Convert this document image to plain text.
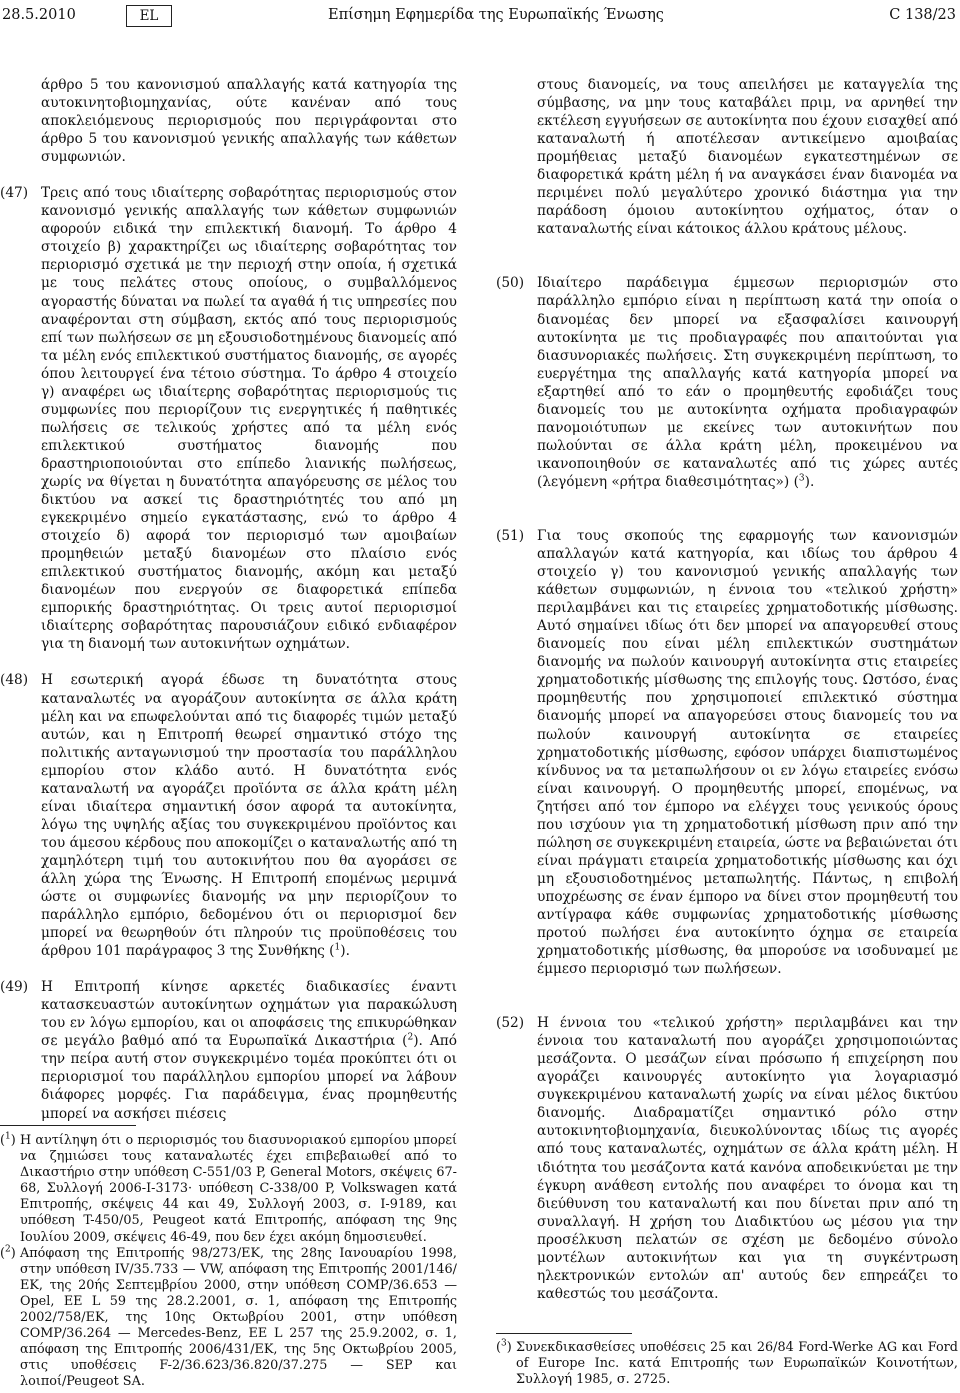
28.5.2010	EL	Επίσημη Εφημερίδα της Ευρωπαϊκής Ένωσης	C 138/23

άρθρο 5 του κανονισμού απαλλαγής κατά κατηγορία της αυτοκινητοβιομηχανίας, ούτε κανέναν από τους αποκλειόμενους περιορισμούς που περιγράφονται στο άρθρο 5 του κανονισμού γενικής απαλλαγής των κάθετων συμφωνιών.

(47) Τρεις από τους ιδιαίτερης σοβαρότητας περιορισμούς στον κανονισμό γενικής απαλλαγής των κάθετων συμφωνιών αφορούν ειδικά την επιλεκτική διανομή. Το άρθρο 4 στοιχείο β) χαρακτηρίζει ως ιδιαίτερης σοβαρότητας τον περιορισμό σχετικά με την περιοχή στην οποία, ή σχετικά με τους πελάτες στους οποίους, ο συμβαλλόμενος αγοραστής δύναται να πωλεί τα αγαθά ή τις υπηρεσίες που αναφέρονται στη σύμβαση, εκτός από τους περιορισμούς επί των πωλήσεων σε μη εξουσιοδοτημένους διανομείς από τα μέλη ενός επιλεκτικού συστήματος διανομής, σε αγορές όπου λειτουργεί ένα τέτοιο σύστημα. Το άρθρο 4 στοιχείο γ) αναφέρει ως ιδιαίτερης σοβαρότητας περιορισμούς τις συμφωνίες που περιορίζουν τις ενεργητικές ή παθητικές πωλήσεις σε τελικούς χρήστες από τα μέλη ενός επιλεκτικού συστήματος διανομής που δραστηριοποιούνται στο επίπεδο λιανικής πωλήσεως, χωρίς να θίγεται η δυνατότητα απαγόρευσης σε μέλος του δικτύου να ασκεί τις δραστηριότητές του από μη εγκεκριμένο σημείο εγκατάστασης, ενώ το άρθρο 4 στοιχείο δ) αφορά τον περιορισμό των αμοιβαίων προμηθειών μεταξύ διανομέων στο πλαίσιο ενός επιλεκτικού συστήματος διανομής, ακόμη και μεταξύ διανομέων που ενεργούν σε διαφορετικά επίπεδα εμπορικής δραστηριότητας. Οι τρεις αυτοί περιορισμοί ιδιαίτερης σοβαρότητας παρουσιάζουν ειδικό ενδιαφέρον για τη διανομή των αυτοκινήτων οχημάτων.

(48) Η εσωτερική αγορά έδωσε τη δυνατότητα στους καταναλωτές να αγοράζουν αυτοκίνητα σε άλλα κράτη μέλη και να επωφελούνται από τις διαφορές τιμών μεταξύ αυτών, και η Επιτροπή θεωρεί σημαντικό στόχο της πολιτικής ανταγωνισμού την προστασία του παράλληλου εμπορίου στον κλάδο αυτό. Η δυνατότητα ενός καταναλωτή να αγοράζει προϊόντα σε άλλα κράτη μέλη είναι ιδιαίτερα σημαντική όσον αφορά τα αυτοκίνητα, λόγω της υψηλής αξίας του συγκεκριμένου προϊόντος και του άμεσου κέρδους που αποκομίζει ο καταναλωτής από τη χαμηλότερη τιμή του αυτοκινήτου που θα αγοράσει σε άλλη χώρα της Ένωσης. Η Επιτροπή επομένως μεριμνά ώστε οι συμφωνίες διανομής να μην περιορίζουν το παράλληλο εμπόριο, δεδομένου ότι οι περιορισμοί δεν μπορεί να θεωρηθούν ότι πληρούν τις προϋποθέσεις του άρθρου 101 παράγραφος 3 της Συνθήκης ($^1$).

(49) Η Επιτροπή κίνησε αρκετές διαδικασίες έναντι κατασκευαστών αυτοκίνητων οχημάτων για παρακώλυση του εν λόγω εμπορίου, και οι αποφάσεις της επικυρώθηκαν σε μεγάλο βαθμό από τα Ευρωπαϊκά Δικαστήρια ($^2$). Από την πείρα αυτή στον συγκεκριμένο τομέα προκύπτει ότι οι περιορισμοί του παράλληλου εμπορίου μπορεί να λάβουν διάφορες μορφές. Για παράδειγμα, ένας προμηθευτής μπορεί να ασκήσει πιέσεις

($^1$) Η αντίληψη ότι ο περιορισμός του διασυνοριακού εμπορίου μπορεί να ζημιώσει τους καταναλωτές έχει επιβεβαιωθεί από το Δικαστήριο στην υπόθεση C-551/03 P, General Motors, σκέψεις 67-68, Συλλογή 2006-I-3173· υπόθεση C-338/00 P, Volkswagen κατά Επιτροπής, σκέψεις 44 και 49, Συλλογή 2003, σ. I-9189, και υπόθεση T-450/05, Peugeot κατά Επιτροπής, απόφαση της 9ης Ιουλίου 2009, σκέψεις 46-49, που δεν έχει ακόμη δημοσιευθεί.

($^2$) Απόφαση της Επιτροπής 98/273/ΕΚ, της 28ης Ιανουαρίου 1998, στην υπόθεση IV/35.733 — VW, απόφαση της Επιτροπής 2001/146/ΕΚ, της 20ής Σεπτεμβρίου 2000, στην υπόθεση COMP/36.653 — Opel, EE L 59 της 28.2.2001, σ. 1, απόφαση της Επιτροπής 2002/758/ΕΚ, της 10ης Οκτωβρίου 2001, στην υπόθεση COMP/36.264 — Mercedes-Benz, ΕΕ L 257 της 25.9.2002, σ. 1, απόφαση της Επιτροπής 2006/431/ΕΚ, της 5ης Οκτωβρίου 2005, στις υποθέσεις F-2/36.623/36.820/37.275 — SEP και λοιποί/Peugeot SA.

στους διανομείς, να τους απειλήσει με καταγγελία της σύμβασης, να μην τους καταβάλει πριμ, να αρνηθεί την εκτέλεση εγγυήσεων σε αυτοκίνητα που έχουν εισαχθεί από καταναλωτή ή αποτέλεσαν αντικείμενο αμοιβαίας προμήθειας μεταξύ διανομέων εγκατεστημένων σε διαφορετικά κράτη μέλη ή να αναγκάσει έναν διανομέα να περιμένει πολύ μεγαλύτερο χρονικό διάστημα για την παράδοση όμοιου αυτοκίνητου οχήματος, όταν ο καταναλωτής είναι κάτοικος άλλου κράτους μέλους.

(50) Ιδιαίτερο παράδειγμα έμμεσων περιορισμών στο παράλληλο εμπόριο είναι η περίπτωση κατά την οποία ο διανομέας δεν μπορεί να εξασφαλίσει καινουργή αυτοκίνητα με τις προδιαγραφές που απαιτούνται για διασυνοριακές πωλήσεις. Στη συγκεκριμένη περίπτωση, το ευεργέτημα της απαλλαγής κατά κατηγορία μπορεί να εξαρτηθεί από το εάν ο προμηθευτής εφοδιάζει τους διανομείς του με αυτοκίνητα οχήματα προδιαγραφών πανομοιότυπων με εκείνες των αυτοκινήτων που πωλούνται σε άλλα κράτη μέλη, προκειμένου να ικανοποιηθούν σε καταναλωτές από τις χώρες αυτές (λεγόμενη «ρήτρα διαθεσιμότητας») ($^3$).

(51) Για τους σκοπούς της εφαρμογής των κανονισμών απαλλαγών κατά κατηγορία, και ιδίως του άρθρου 4 στοιχείο γ) του κανονισμού γενικής απαλλαγής των κάθετων συμφωνιών, η έννοια του «τελικού χρήστη» περιλαμβάνει και τις εταιρείες χρηματοδοτικής μίσθωσης. Αυτό σημαίνει ιδίως ότι δεν μπορεί να απαγορευθεί στους διανομείς που είναι μέλη επιλεκτικών συστημάτων διανομής να πωλούν καινουργή αυτοκίνητα στις εταιρείες χρηματοδοτικής μίσθωσης της επιλογής τους. Ωστόσο, ένας προμηθευτής που χρησιμοποιεί επιλεκτικό σύστημα διανομής μπορεί να απαγορεύσει στους διανομείς του να πωλούν καινουργή αυτοκίνητα σε εταιρείες χρηματοδοτικής μίσθωσης, εφόσον υπάρχει διαπιστωμένος κίνδυνος να τα μεταπωλήσουν οι εν λόγω εταιρείες ενόσω είναι καινουργή. Ο προμηθευτής μπορεί, επομένως, να ζητήσει από τον έμπορο να ελέγχει τους γενικούς όρους που ισχύουν για τη χρηματοδοτική μίσθωση πριν από την πώληση σε συγκεκριμένη εταιρεία, ώστε να βεβαιώνεται ότι είναι πράγματι εταιρεία χρηματοδοτικής μίσθωσης και όχι μη εξουσιοδοτημένος μεταπωλητής. Πάντως, η επιβολή υποχρέωσης σε έναν έμπορο να δίνει στον προμηθευτή του αντίγραφα κάθε συμφωνίας χρηματοδοτικής μίσθωσης προτού πωλήσει ένα αυτοκίνητο όχημα σε εταιρεία χρηματοδοτικής μίσθωσης, θα μπορούσε να ισοδυναμεί με έμμεσο περιορισμό των πωλήσεων.

(52) Η έννοια του «τελικού χρήστη» περιλαμβάνει και την έννοια του καταναλωτή που αγοράζει χρησιμοποιώντας μεσάζοντα. Ο μεσάζων είναι πρόσωπο ή επιχείρηση που αγοράζει καινουργές αυτοκίνητο για λογαριασμό συγκεκριμένου καταναλωτή χωρίς να είναι μέλος δικτύου διανομής. Διαδραματίζει σημαντικό ρόλο στην αυτοκινητοβιομηχανία, διευκολύνοντας ιδίως τις αγορές από τους καταναλωτές, οχημάτων σε άλλα κράτη μέλη. Η ιδιότητα του μεσάζοντα κατά κανόνα αποδεικνύεται με την έγκυρη ανάθεση εντολής που αναφέρει το όνομα και τη διεύθυνση του καταναλωτή και που δίνεται πριν από τη συναλλαγή. Η χρήση του Διαδικτύου ως μέσου για την προσέλκυση πελατών σε σχέση με δεδομένο σύνολο μοντέλων αυτοκινήτων και για τη συγκέντρωση ηλεκτρονικών εντολών απ' αυτούς δεν επηρεάζει το καθεστώς του μεσάζοντα.

($^3$) Συνεκδικασθείσες υποθέσεις 25 και 26/84 Ford-Werke AG και Ford of Europe Inc. κατά Επιτροπής των Ευρωπαϊκών Κοινοτήτων, Συλλογή 1985, σ. 2725.
